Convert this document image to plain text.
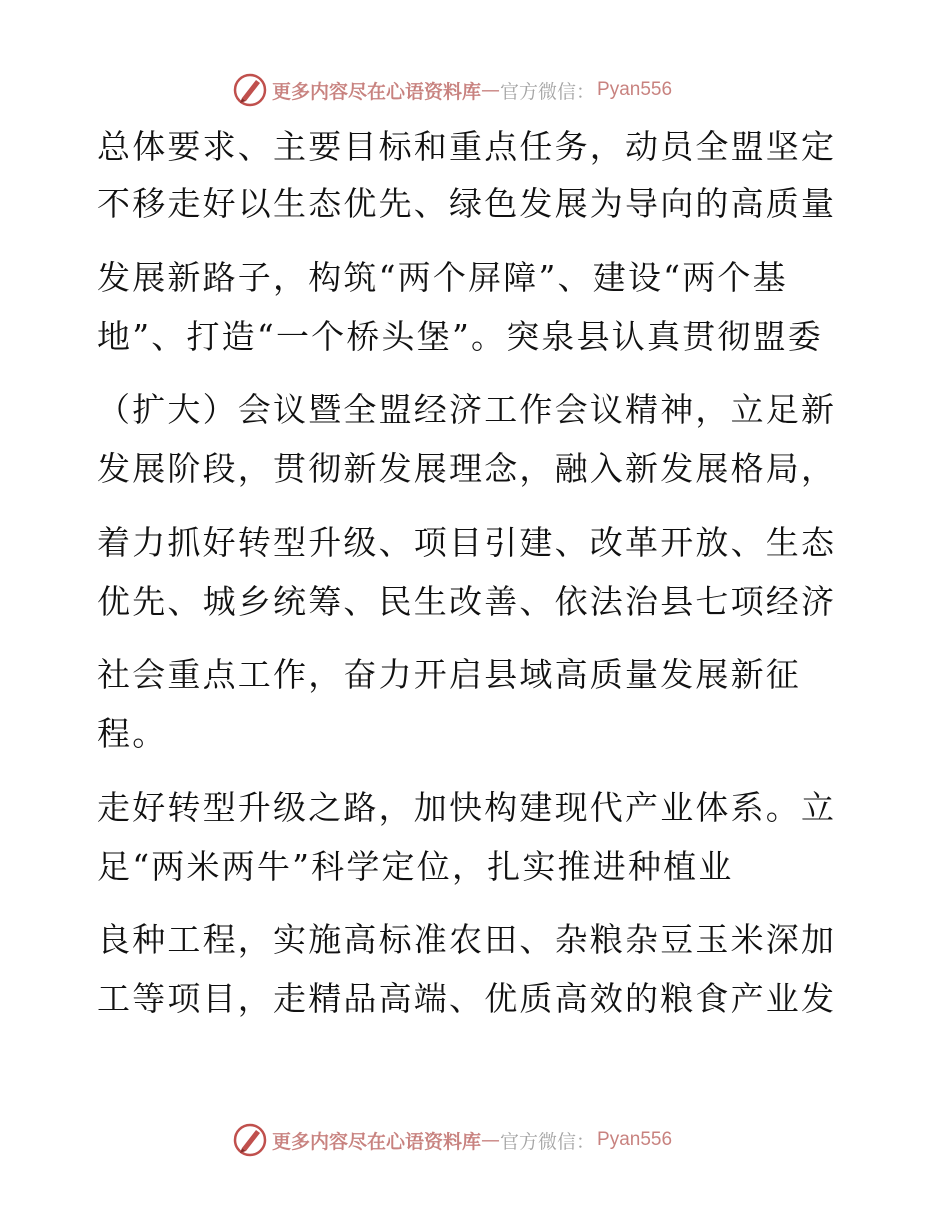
更多内容尽在心语资料库 — 官方微信： Pyan556
总体要求、主要目标和重点任务，动员全盟坚定
不移走好以生态优先、绿色发展为导向的高质量
发展新路子，构筑“两个屏障”、建设“两个基
地”、打造“一个桥头堡”。突泉县认真贯彻盟委
（扩大）会议暨全盟经济工作会议精神，立足新
发展阶段，贯彻新发展理念，融入新发展格局，
着力抓好转型升级、项目引建、改革开放、生态
优先、城乡统筹、民生改善、依法治县七项经济
社会重点工作，奋力开启县域高质量发展新征
程。
走好转型升级之路，加快构建现代产业体系。立
足“两米两牛”科学定位，扎实推进种植业
良种工程，实施高标准农田、杂粮杂豆玉米深加
工等项目，走精品高端、优质高效的粮食产业发
更多内容尽在心语资料库 — 官方微信： Pyan556
